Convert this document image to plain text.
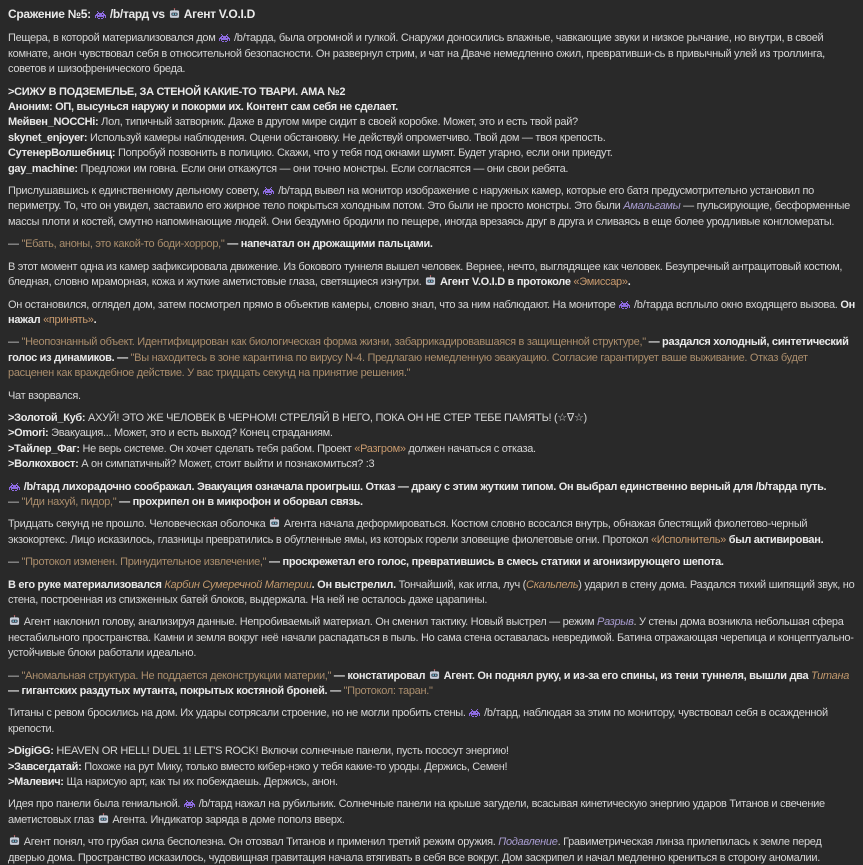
Сражение №5:  /b/тард vs  Агент V.O.I.D
Пещера, в которой материализовался дом  /b/тарда, была огромной и гулкой. Снаружи доносились влажные, чавкающие звуки и низкое рычание, но внутри, в своей комнате, анон чувствовал себя в относительной безопасности. Он развернул стрим, и чат на Дваче немедленно ожил, превративши-сь в привычный улей из троллинга, советов и шизофренического бреда.
>СИЖУ В ПОДЗЕМЕЛЬЕ, ЗА СТЕНОЙ КАКИЕ-ТО ТВАРИ. АМА №2
Аноним: ОП, высунься наружу и покорми их. Контент сам себя не сделает.
Мейвен_NOCCHi: Лол, типичный затворник. Даже в другом мире сидит в своей коробке. Может, это и есть твой рай?
skynet_enjoyer: Используй камеры наблюдения. Оцени обстановку. Не действуй опрометчиво. Твой дом — твоя крепость.
СутенерВолшебниц: Попробуй позвонить в полицию. Скажи, что у тебя под окнами шумят. Будет угарно, если они приедут.
gay_machine: Предложи им говна. Если они откажутся — они точно монстры. Если согласятся — они свои ребята.
Прислушавшись к единственному дельному совету,  /b/тард вывел на монитор изображение с наружных камер, которые его батя предусмотрительно установил по периметру. То, что он увидел, заставило его жирное тело покрыться холодным потом. Это были не просто монстры. Это были Амальгамы — пульсирующие, бесформенные массы плоти и костей, смутно напоминающие людей. Они бездумно бродили по пещере, иногда врезаясь друг в друга и сливаясь в еще более уродливые конгломераты.
— "Ебать, аноны, это какой-то боди-хоррор," — напечатал он дрожащими пальцами.
В этот момент одна из камер зафиксировала движение. Из бокового туннеля вышел человек. Вернее, нечто, выглядящее как человек. Безупречный антрацитовый костюм, бледная, словно мраморная, кожа и жуткие аметистовые глаза, светящиеся изнутри.  Агент V.O.I.D в протоколе «Эмиссар».
Он остановился, оглядел дом, затем посмотрел прямо в объектив камеры, словно знал, что за ним наблюдают. На мониторе  /b/тарда всплыло окно входящего вызова. Он нажал «принять».
— "Неопознанный объект. Идентифицирован как биологическая форма жизни, забаррикадировавшаяся в защищенной структуре," — раздался холодный, синтетический голос из динамиков. — "Вы находитесь в зоне карантина по вирусу N-4. Предлагаю немедленную эвакуацию. Согласие гарантирует ваше выживание. Отказ будет расценен как враждебное действие. У вас тридцать секунд на принятие решения."
Чат взорвался.
>Золотой_Куб: АХУЙ! ЭТО ЖЕ ЧЕЛОВЕК В ЧЕРНОМ! СТРЕЛЯЙ В НЕГО, ПОКА ОН НЕ СТЕР ТЕБЕ ПАМЯТЬ! (☆∇☆)
>Omori: Эвакуация... Может, это и есть выход? Конец страданиям.
>Тайлер_Фаг: Не верь системе. Он хочет сделать тебя рабом. Проект «Разгром» должен начаться с отказа.
>Волкохвост: А он симпатичный? Может, стоит выйти и познакомиться? :3
/b/тард лихорадочно соображал. Эвакуация означала проигрыш. Отказ — драку с этим жутким типом. Он выбрал единственно верный для /b/тарда путь.
— "Иди нахуй, пидор," — прохрипел он в микрофон и оборвал связь.
Тридцать секунд не прошло. Человеческая оболочка  Агента начала деформироваться. Костюм словно всосался внутрь, обнажая блестящий фиолетово-черный экзокортекс. Лицо исказилось, глазницы превратились в обугленные ямы, из которых горели зловещие фиолетовые огни. Протокол «Исполнитель» был активирован.
— "Протокол изменен. Принудительное извлечение," — проскрежетал его голос, превратившись в смесь статики и агонизирующего шепота.
В его руке материализовался Карбин Сумеречной Материи. Он выстрелил. Тончайший, как игла, луч (Скальпель) ударил в стену дома. Раздался тихий шипящий звук, но стена, построенная из спизженных батей блоков, выдержала. На ней не осталось даже царапины.
Агент наклонил голову, анализируя данные. Непробиваемый материал. Он сменил тактику. Новый выстрел — режим Разрыв. У стены дома возникла небольшая сфера нестабильного пространства. Камни и земля вокруг неё начали распадаться в пыль. Но сама стена оставалась невредимой. Батина отражающая черепица и концептуально-устойчивые блоки работали идеально.
— "Аномальная структура. Не поддается деконструкции материи," — констатировал  Агент. Он поднял руку, и из-за его спины, из тени туннеля, вышли два Титана — гигантских раздутых мутанта, покрытых костяной броней. — "Протокол: таран."
Титаны с ревом бросились на дом. Их удары сотрясали строение, но не могли пробить стены.  /b/тард, наблюдая за этим по монитору, чувствовал себя в осажденной крепости.
>DigiGG: HEAVEN OR HELL! DUEL 1! LET'S ROCK! Включи солнечные панели, пусть пососут энергию!
>Завсегдатай: Похоже на рут Мику, только вместо кибер-нэко у тебя какие-то уроды. Держись, Семен!
>Малевич: Ща нарисую арт, как ты их побеждаешь. Держись, анон.
Идея про панели была гениальной.  /b/тард нажал на рубильник. Солнечные панели на крыше загудели, всасывая кинетическую энергию ударов Титанов и свечение аметистовых глаз  Агента. Индикатор заряда в доме пополз вверх.
Агент понял, что грубая сила бесполезна. Он отозвал Титанов и применил третий режим оружия. Подавление. Гравиметрическая линза прилепилась к земле перед дверью дома. Пространство исказилось, чудовищная гравитация начала втягивать в себя все вокруг. Дом заскрипел и начал медленно крениться в сторону аномалии.
